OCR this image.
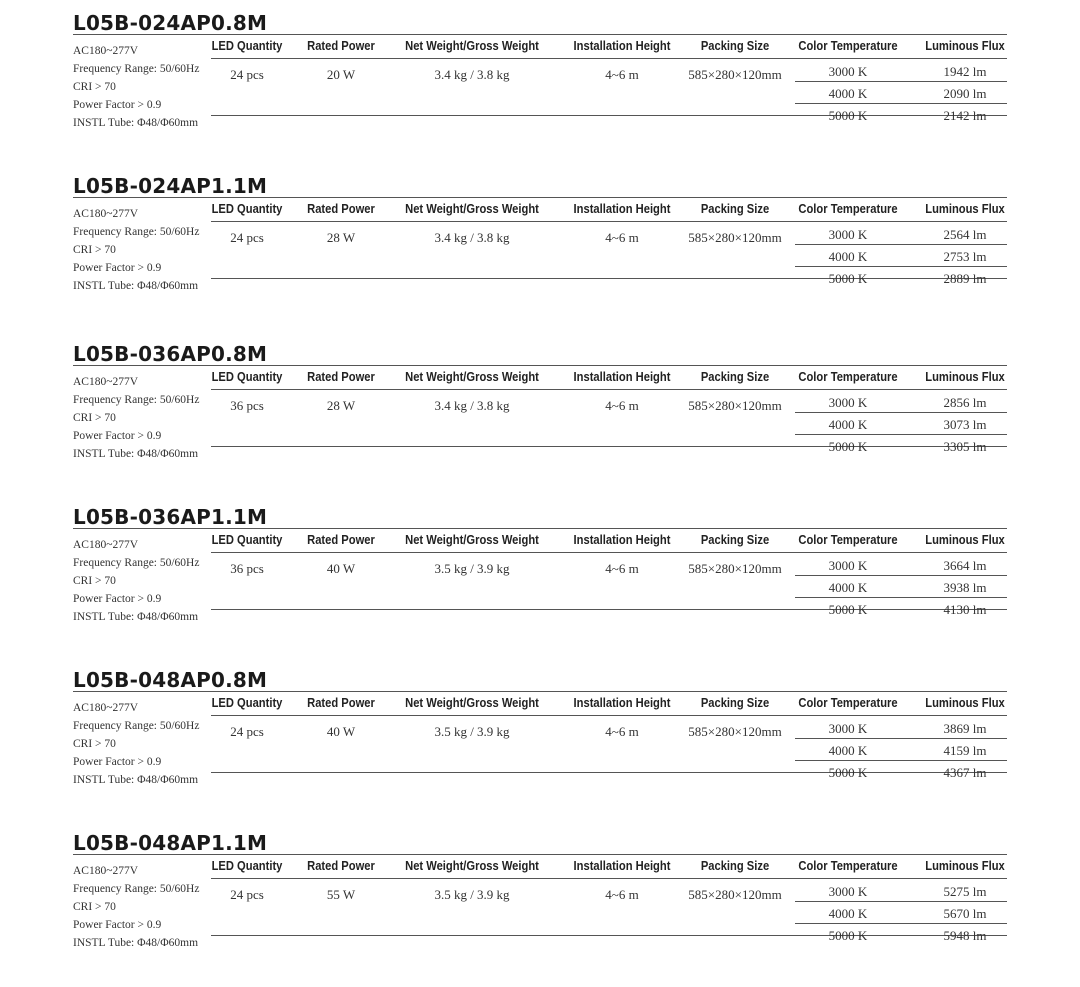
L05B-024AP0.8M
AC180~277V
Frequency Range: 50/60Hz
CRI > 70
Power Factor > 0.9
INSTL Tube: Φ48/Φ60mm
LED Quantity	Rated Power	Net Weight/Gross Weight	Installation Height	Packing Size	Color Temperature	Luminous Flux
24 pcs	20 W	3.4 kg / 3.8 kg	4~6 m	585×280×120mm	3000 K	1942 lm
4000 K	2090 lm
5000 K	2142 lm
L05B-024AP1.1M
AC180~277V
Frequency Range: 50/60Hz
CRI > 70
Power Factor > 0.9
INSTL Tube: Φ48/Φ60mm
LED Quantity	Rated Power	Net Weight/Gross Weight	Installation Height	Packing Size	Color Temperature	Luminous Flux
24 pcs	28 W	3.4 kg / 3.8 kg	4~6 m	585×280×120mm	3000 K	2564 lm
4000 K	2753 lm
5000 K	2889 lm
L05B-036AP0.8M
AC180~277V
Frequency Range: 50/60Hz
CRI > 70
Power Factor > 0.9
INSTL Tube: Φ48/Φ60mm
LED Quantity	Rated Power	Net Weight/Gross Weight	Installation Height	Packing Size	Color Temperature	Luminous Flux
36 pcs	28 W	3.4 kg / 3.8 kg	4~6 m	585×280×120mm	3000 K	2856 lm
4000 K	3073 lm
5000 K	3305 lm
L05B-036AP1.1M
AC180~277V
Frequency Range: 50/60Hz
CRI > 70
Power Factor > 0.9
INSTL Tube: Φ48/Φ60mm
LED Quantity	Rated Power	Net Weight/Gross Weight	Installation Height	Packing Size	Color Temperature	Luminous Flux
36 pcs	40 W	3.5 kg / 3.9 kg	4~6 m	585×280×120mm	3000 K	3664 lm
4000 K	3938 lm
5000 K	4130 lm
L05B-048AP0.8M
AC180~277V
Frequency Range: 50/60Hz
CRI > 70
Power Factor > 0.9
INSTL Tube: Φ48/Φ60mm
LED Quantity	Rated Power	Net Weight/Gross Weight	Installation Height	Packing Size	Color Temperature	Luminous Flux
24 pcs	40 W	3.5 kg / 3.9 kg	4~6 m	585×280×120mm	3000 K	3869 lm
4000 K	4159 lm
5000 K	4367 lm
L05B-048AP1.1M
AC180~277V
Frequency Range: 50/60Hz
CRI > 70
Power Factor > 0.9
INSTL Tube: Φ48/Φ60mm
LED Quantity	Rated Power	Net Weight/Gross Weight	Installation Height	Packing Size	Color Temperature	Luminous Flux
24 pcs	55 W	3.5 kg / 3.9 kg	4~6 m	585×280×120mm	3000 K	5275 lm
4000 K	5670 lm
5000 K	5948 lm
